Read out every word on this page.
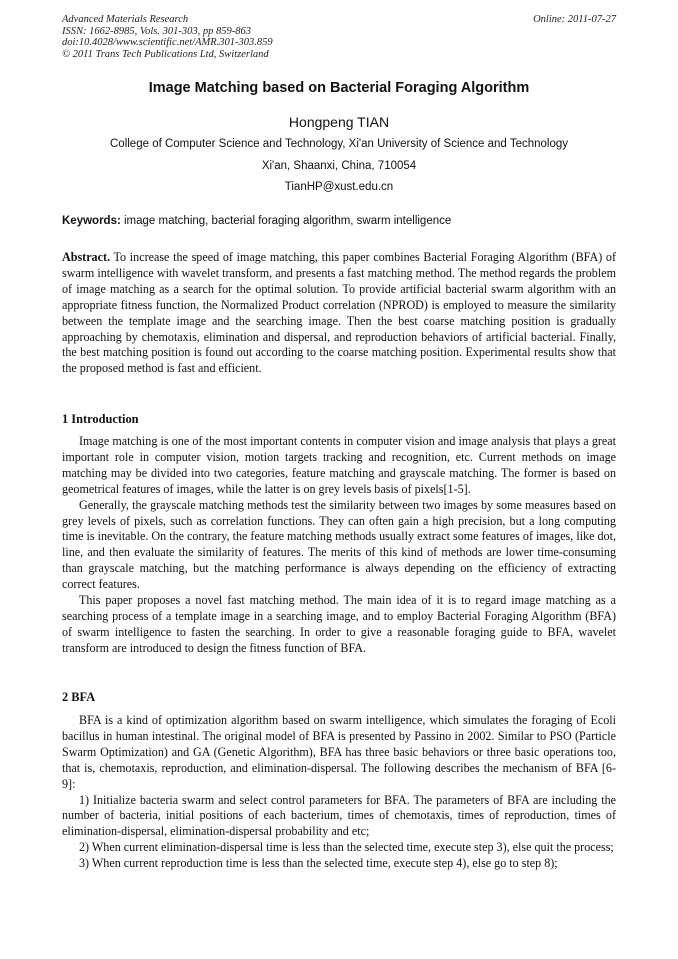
Advanced Materials Research
ISSN: 1662-8985, Vols. 301-303, pp 859-863
doi:10.4028/www.scientific.net/AMR.301-303.859
© 2011 Trans Tech Publications Ltd, Switzerland
Online: 2011-07-27
Image Matching based on Bacterial Foraging Algorithm
Hongpeng TIAN
College of Computer Science and Technology, Xi'an University of Science and Technology
Xi'an, Shaanxi, China, 710054
TianHP@xust.edu.cn
Keywords: image matching, bacterial foraging algorithm, swarm intelligence

Abstract. To increase the speed of image matching, this paper combines Bacterial Foraging Algorithm (BFA) of swarm intelligence with wavelet transform, and presents a fast matching method. The method regards the problem of image matching as a search for the optimal solution. To provide artificial bacterial swarm algorithm with an appropriate fitness function, the Normalized Product correlation (NPROD) is employed to measure the similarity between the template image and the searching image. Then the best coarse matching position is gradually approaching by chemotaxis, elimination and dispersal, and reproduction behaviors of artificial bacterial. Finally, the best matching position is found out according to the coarse matching position. Experimental results show that the proposed method is fast and efficient.

1 Introduction

Image matching is one of the most important contents in computer vision and image analysis that plays a great important role in computer vision, motion targets tracking and recognition, etc. Current methods on image matching may be divided into two categories, feature matching and grayscale matching. The former is based on geometrical features of images, while the latter is on grey levels basis of pixels[1-5].

Generally, the grayscale matching methods test the similarity between two images by some measures based on grey levels of pixels, such as correlation functions. They can often gain a high precision, but a long computing time is inevitable. On the contrary, the feature matching methods usually extract some features of images, like dot, line, and then evaluate the similarity of features. The merits of this kind of methods are lower time-consuming than grayscale matching, but the matching performance is always depending on the efficiency of extracting correct features.

This paper proposes a novel fast matching method. The main idea of it is to regard image matching as a searching process of a template image in a searching image, and to employ Bacterial Foraging Algorithm (BFA) of swarm intelligence to fasten the searching. In order to give a reasonable foraging guide to BFA, wavelet transform are introduced to design the fitness function of BFA.

2 BFA

BFA is a kind of optimization algorithm based on swarm intelligence, which simulates the foraging of Ecoli bacillus in human intestinal. The original model of BFA is presented by Passino in 2002. Similar to PSO (Particle Swarm Optimization) and GA (Genetic Algorithm), BFA has three basic behaviors or three basic operations too, that is, chemotaxis, reproduction, and elimination-dispersal. The following describes the mechanism of BFA [6-9]:

1) Initialize bacteria swarm and select control parameters for BFA. The parameters of BFA are including the number of bacteria, initial positions of each bacterium, times of chemotaxis, times of reproduction, times of elimination-dispersal, elimination-dispersal probability and etc;

2) When current elimination-dispersal time is less than the selected time, execute step 3), else quit the process;

3) When current reproduction time is less than the selected time, execute step 4), else go to step 8);
